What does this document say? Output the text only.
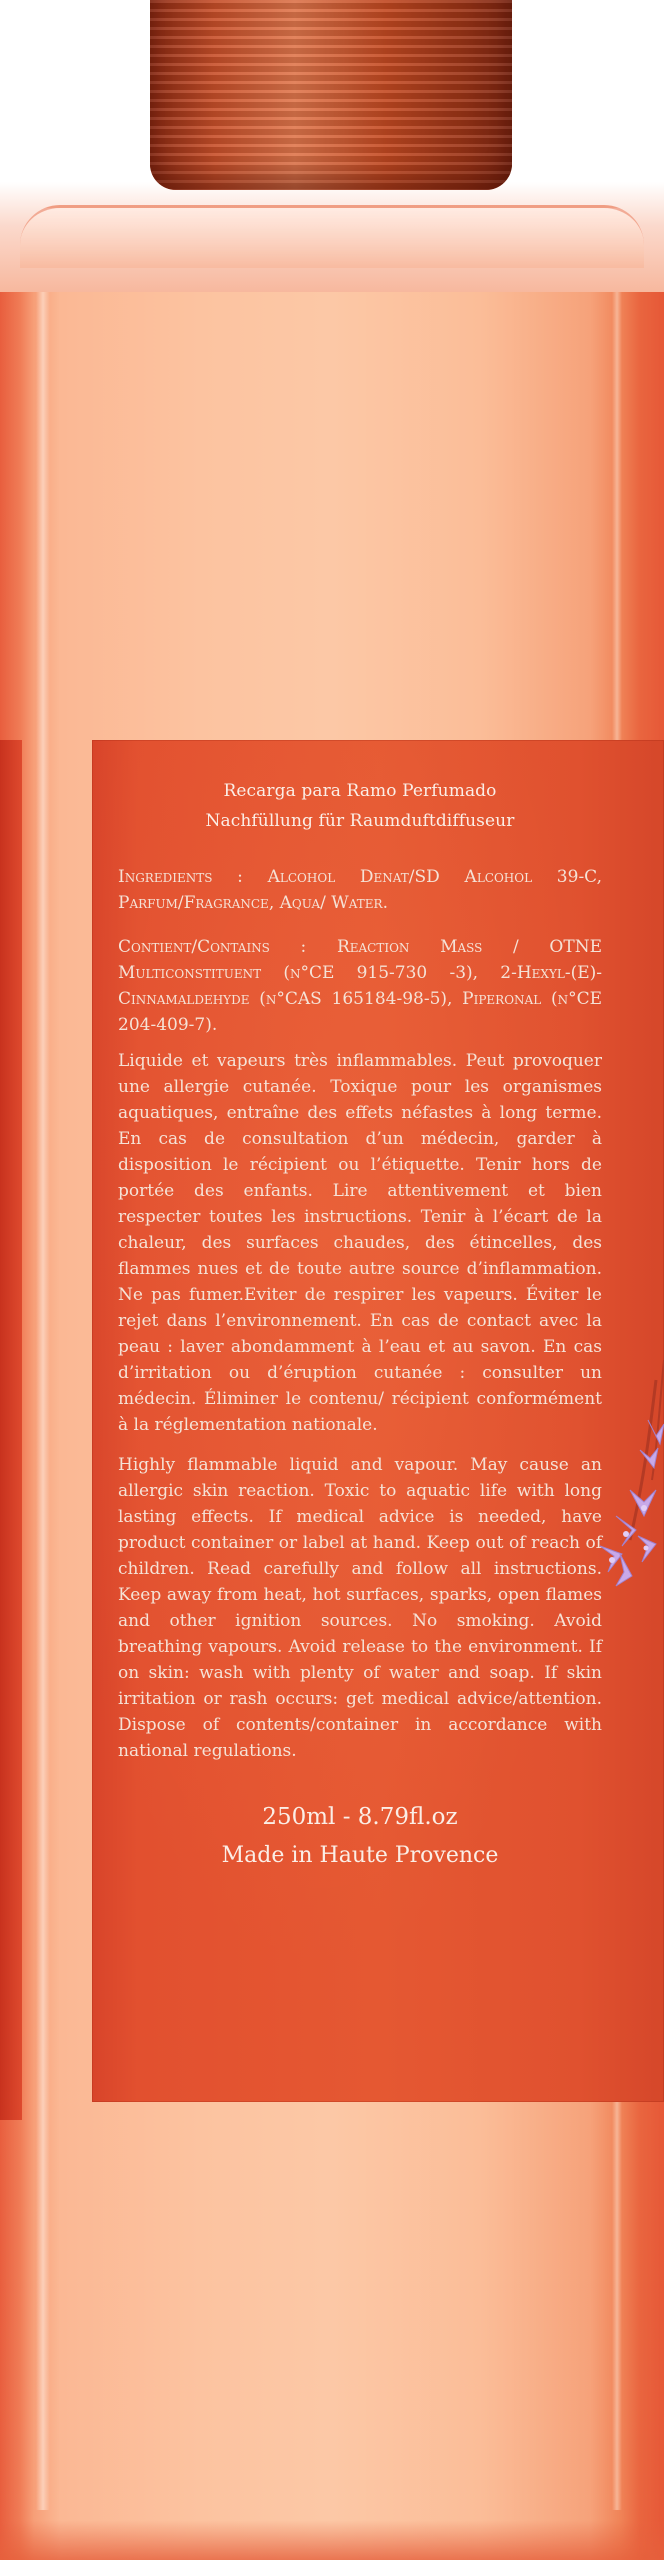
Recarga para Ramo Perfumado
Nachfüllung für Raumduftdiffuseur

Ingredients : Alcohol Denat/SD Alcohol 39-C, Parfum/Fragrance, Aqua/ Water.

Contient/Contains : Reaction Mass / OTNE Multiconstituent (n°CE 915-730 -3), 2-Hexyl-(E)-Cinnamaldehyde (n°CAS 165184-98-5), Piperonal (n°CE 204-409-7).

Liquide et vapeurs très inflammables. Peut provoquer une allergie cutanée. Toxique pour les organismes aquatiques, entraîne des effets néfastes à long terme. En cas de consultation d’un médecin, garder à disposition le récipient ou l’étiquette. Tenir hors de portée des enfants. Lire attentivement et bien respecter toutes les instructions. Tenir à l’écart de la chaleur, des surfaces chaudes, des étincelles, des flammes nues et de toute autre source d’inflammation. Ne pas fumer.Eviter de respirer les vapeurs. Éviter le rejet dans l’environnement. En cas de contact avec la peau : laver abondamment à l’eau et au savon. En cas d’irritation ou d’éruption cutanée : consulter un médecin. Éliminer le contenu/ récipient conformément à la réglementation nationale.

Highly flammable liquid and vapour. May cause an allergic skin reaction. Toxic to aquatic life with long lasting effects. If medical advice is needed, have product container or label at hand. Keep out of reach of children. Read carefully and follow all instructions. Keep away from heat, hot surfaces, sparks, open flames and other ignition sources. No smoking. Avoid breathing vapours. Avoid release to the environment. If on skin: wash with plenty of water and soap. If skin irritation or rash occurs: get medical advice/attention. Dispose of contents/container in accordance with national regulations.

250ml - 8.79fl.oz
Made in Haute Provence
